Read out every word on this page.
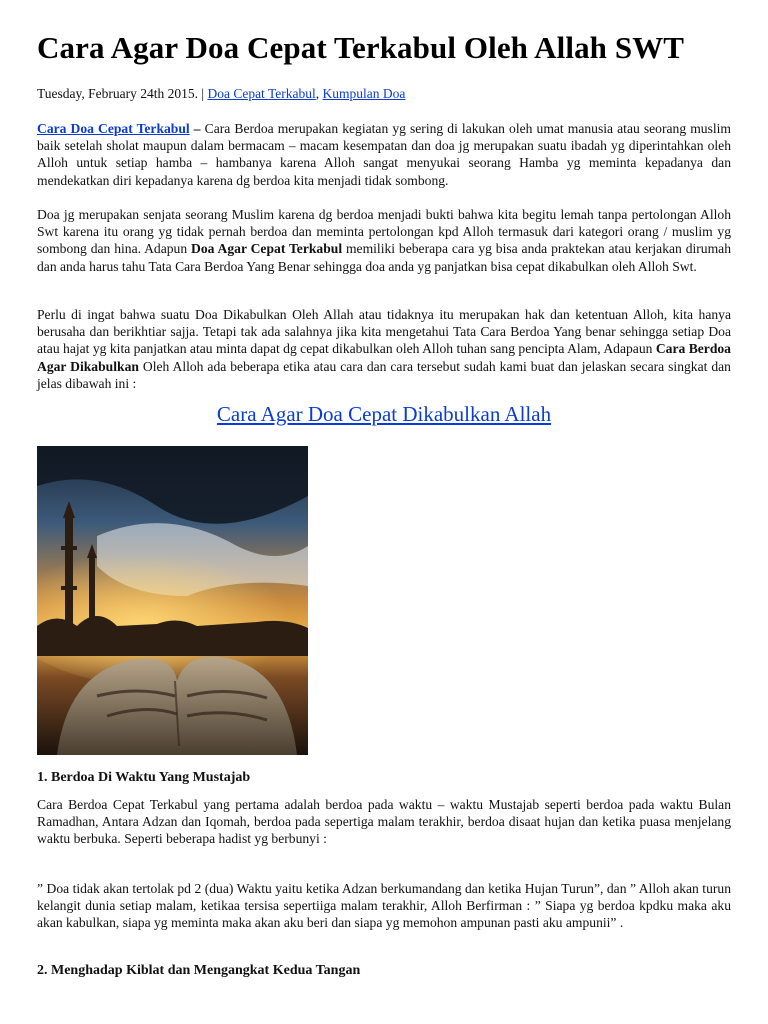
Cara Agar Doa Cepat Terkabul Oleh Allah SWT
Tuesday, February 24th 2015. | Doa Cepat Terkabul, Kumpulan Doa

Cara Doa Cepat Terkabul – Cara Berdoa merupakan kegiatan yg sering di lakukan oleh umat manusia atau seorang muslim baik setelah sholat maupun dalam bermacam – macam kesempatan dan doa jg merupakan suatu ibadah yg diperintahkan oleh Alloh untuk setiap hamba – hambanya karena Alloh sangat menyukai seorang Hamba yg meminta kepadanya dan mendekatkan diri kepadanya karena dg berdoa kita menjadi tidak sombong.

Doa jg merupakan senjata seorang Muslim karena dg berdoa menjadi bukti bahwa kita begitu lemah tanpa pertolongan Alloh Swt karena itu orang yg tidak pernah berdoa dan meminta pertolongan kpd Alloh termasuk dari kategori orang / muslim yg sombong dan hina. Adapun Doa Agar Cepat Terkabul memiliki beberapa cara yg bisa anda praktekan atau kerjakan dirumah dan anda harus tahu Tata Cara Berdoa Yang Benar sehingga doa anda yg panjatkan bisa cepat dikabulkan oleh Alloh Swt.

Perlu di ingat bahwa suatu Doa Dikabulkan Oleh Allah atau tidaknya itu merupakan hak dan ketentuan Alloh, kita hanya berusaha dan berikhtiar sajja. Tetapi tak ada salahnya jika kita mengetahui Tata Cara Berdoa Yang benar sehingga setiap Doa atau hajat yg kita panjatkan atau minta dapat dg cepat dikabulkan oleh Alloh tuhan sang pencipta Alam, Adapaun Cara Berdoa Agar Dikabulkan Oleh Alloh ada beberapa etika atau cara dan cara tersebut sudah kami buat dan jelaskan secara singkat dan jelas dibawah ini :

Cara Agar Doa Cepat Dikabulkan Allah
1. Berdoa Di Waktu Yang Mustajab

Cara Berdoa Cepat Terkabul yang pertama adalah berdoa pada waktu – waktu Mustajab seperti berdoa pada waktu Bulan Ramadhan, Antara Adzan dan Iqomah, berdoa pada sepertiga malam terakhir, berdoa disaat hujan dan ketika puasa menjelang waktu berbuka. Seperti beberapa hadist yg berbunyi :

” Doa tidak akan tertolak pd 2 (dua) Waktu yaitu ketika Adzan berkumandang dan ketika Hujan Turun”, dan ” Alloh akan turun kelangit dunia setiap malam, ketikaa tersisa sepertiiga malam terakhir, Alloh Berfirman : ” Siapa yg berdoa kpdku maka aku akan kabulkan, siapa yg meminta maka akan aku beri dan siapa yg memohon ampunan pasti aku ampunii” .

2. Menghadap Kiblat dan Mengangkat Kedua Tangan
